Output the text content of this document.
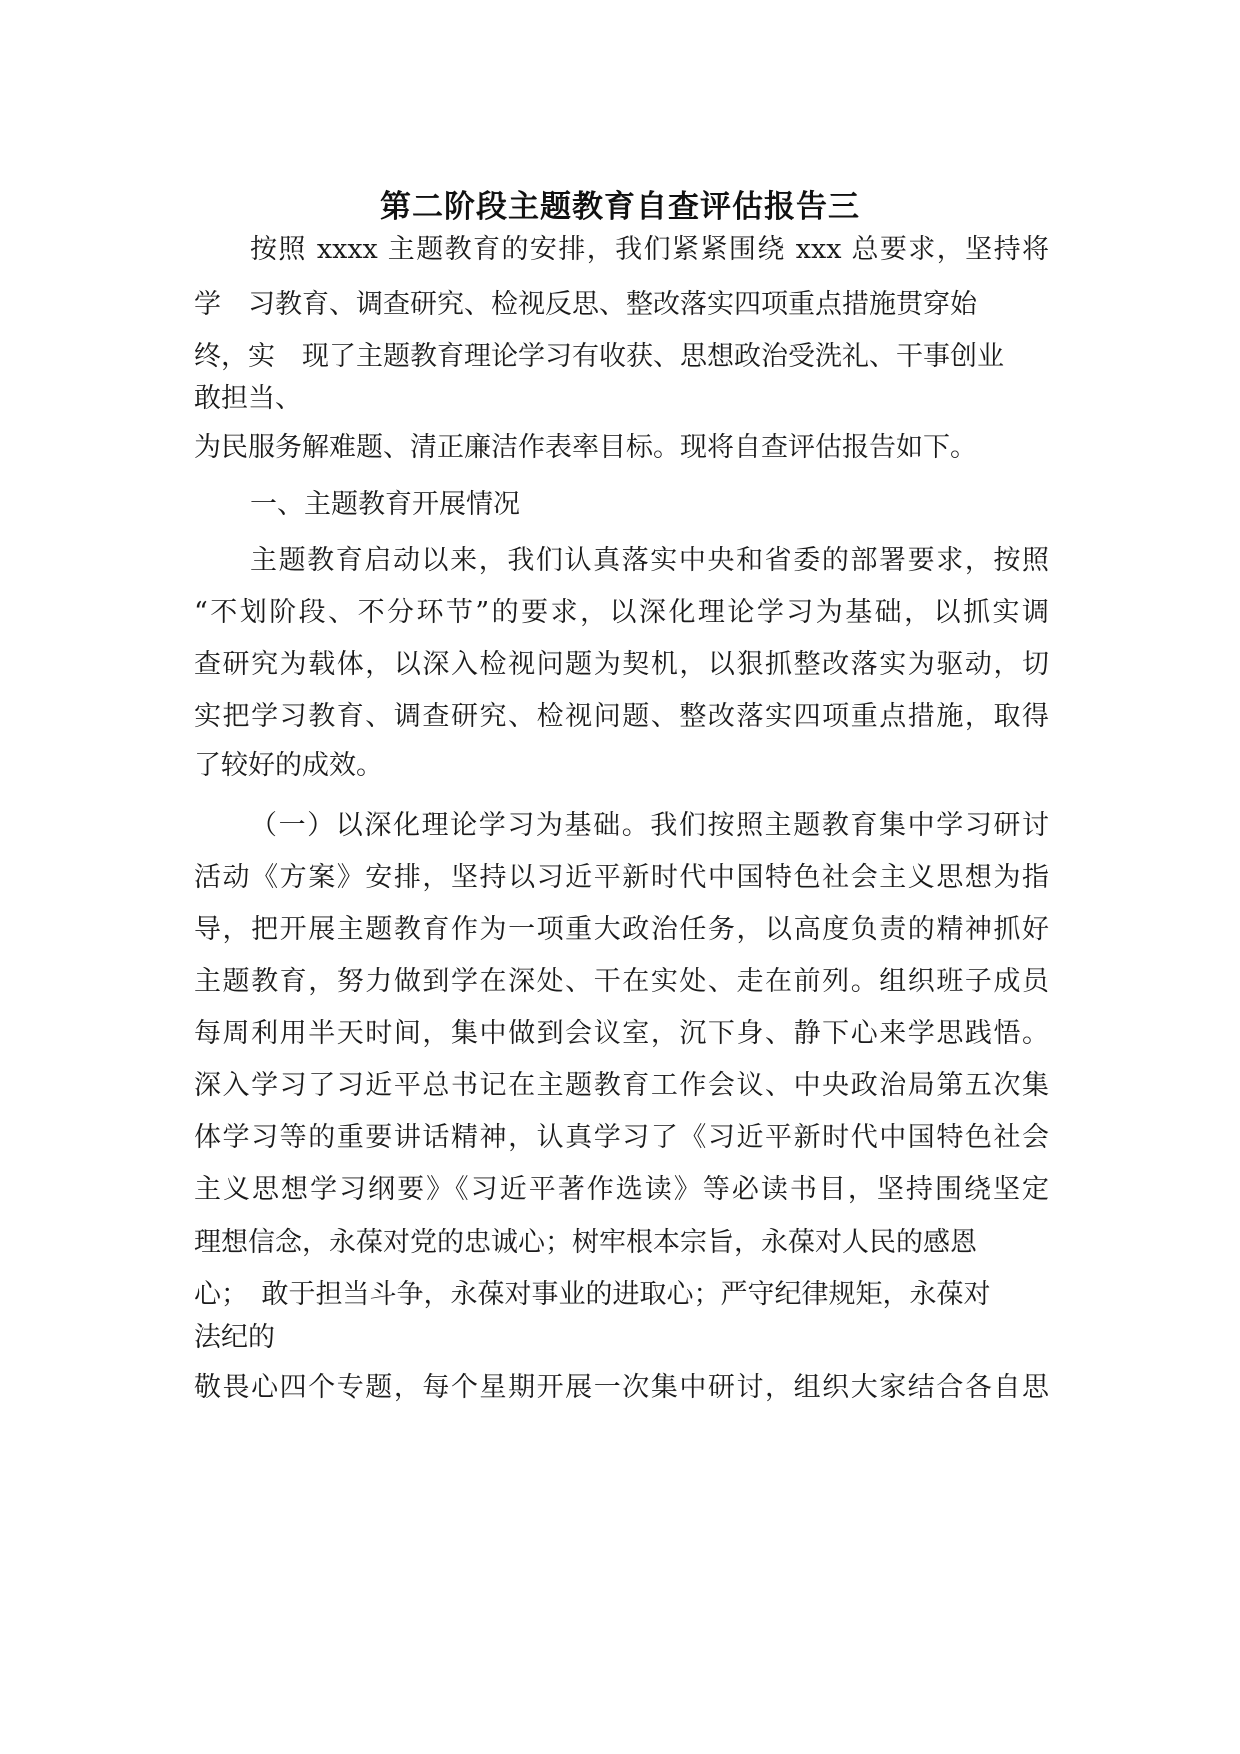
第二阶段主题教育自查评估报告三
按照 xxxx 主题教育的安排，我们紧紧围绕 xxx 总要求，坚持将
学　习教育、调查研究、检视反思、整改落实四项重点措施贯穿始
终，实　现了主题教育理论学习有收获、思想政治受洗礼、干事创业
敢担当、
为民服务解难题、清正廉洁作表率目标。现将自查评估报告如下。
一、主题教育开展情况
主题教育启动以来，我们认真落实中央和省委的部署要求，按照
“不划阶段、不分环节”的要求，以深化理论学习为基础，以抓实调
查研究为载体，以深入检视问题为契机，以狠抓整改落实为驱动，切
实把学习教育、调查研究、检视问题、整改落实四项重点措施，取得
了较好的成效。
（一）以深化理论学习为基础。我们按照主题教育集中学习研讨
活动《方案》安排，坚持以习近平新时代中国特色社会主义思想为指
导，把开展主题教育作为一项重大政治任务，以高度负责的精神抓好
主题教育，努力做到学在深处、干在实处、走在前列。组织班子成员
每周利用半天时间，集中做到会议室，沉下身、静下心来学思践悟。
深入学习了习近平总书记在主题教育工作会议、中央政治局第五次集
体学习等的重要讲话精神，认真学习了《习近平新时代中国特色社会
主义思想学习纲要》《习近平著作选读》等必读书目，坚持围绕坚定
理想信念，永葆对党的忠诚心；树牢根本宗旨，永葆对人民的感恩
心；　敢于担当斗争，永葆对事业的进取心；严守纪律规矩，永葆对
法纪的
敬畏心四个专题，每个星期开展一次集中研讨，组织大家结合各自思
